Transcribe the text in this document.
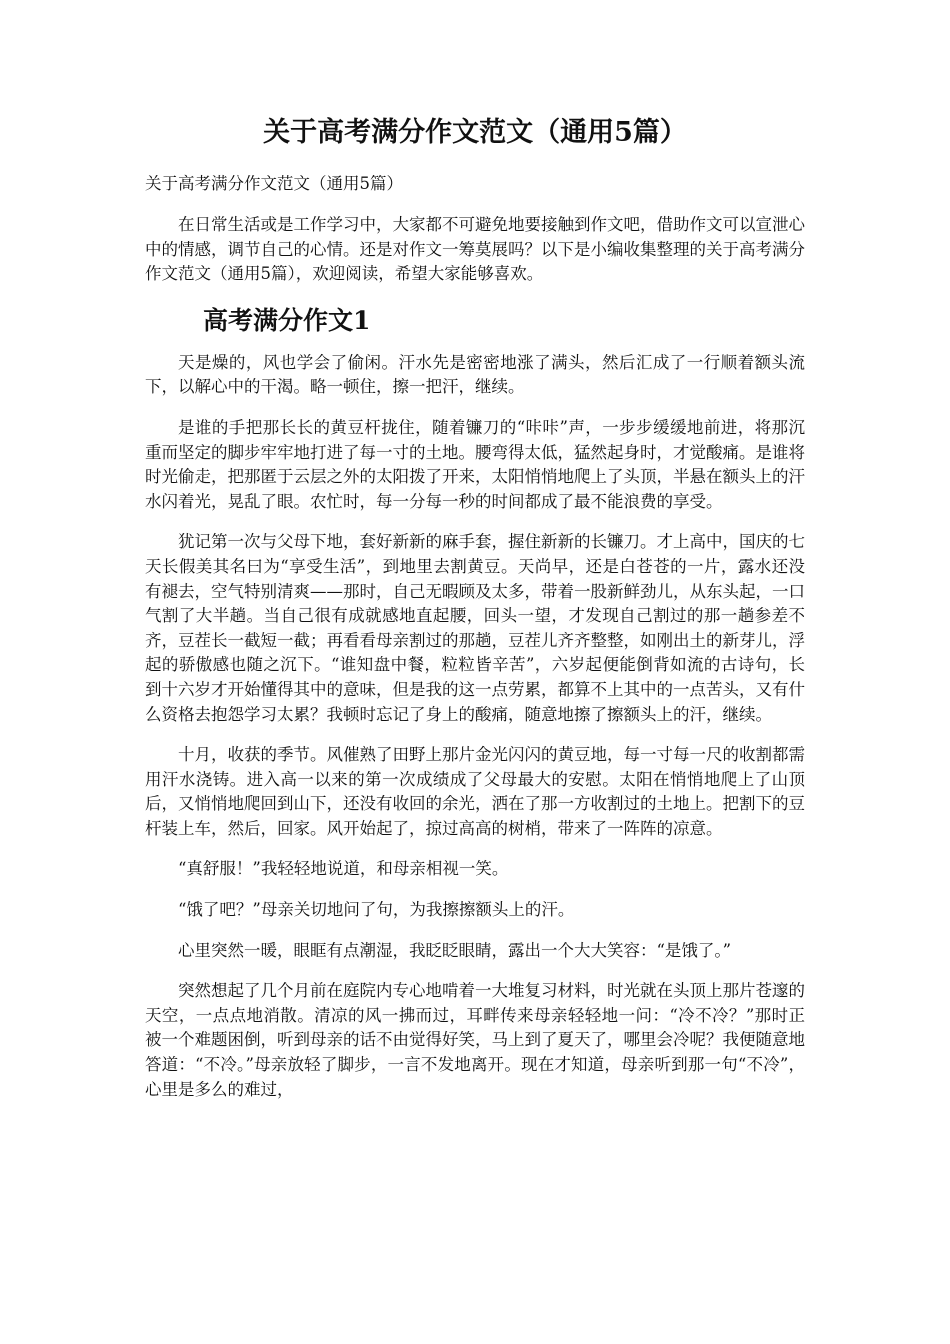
关于高考满分作文范文（通用5篇）

关于高考满分作文范文（通用5篇）

在日常生活或是工作学习中，大家都不可避免地要接触到作文吧，借助作文可以宣泄心中的情感，调节自己的心情。还是对作文一筹莫展吗？以下是小编收集整理的关于高考满分作文范文（通用5篇），欢迎阅读，希望大家能够喜欢。

高考满分作文1

天是燥的，风也学会了偷闲。汗水先是密密地涨了满头，然后汇成了一行顺着额头流下，以解心中的干渴。略一顿住，擦一把汗，继续。

是谁的手把那长长的黄豆杆拢住，随着镰刀的“咔咔”声，一步步缓缓地前进，将那沉重而坚定的脚步牢牢地打进了每一寸的土地。腰弯得太低，猛然起身时，才觉酸痛。是谁将时光偷走，把那匿于云层之外的太阳拨了开来，太阳悄悄地爬上了头顶，半悬在额头上的汗水闪着光，晃乱了眼。农忙时，每一分每一秒的时间都成了最不能浪费的享受。

犹记第一次与父母下地，套好新新的麻手套，握住新新的长镰刀。才上高中，国庆的七天长假美其名曰为“享受生活”，到地里去割黄豆。天尚早，还是白苍苍的一片，露水还没有褪去，空气特别清爽——那时，自己无暇顾及太多，带着一股新鲜劲儿，从东头起，一口气割了大半趟。当自己很有成就感地直起腰，回头一望，才发现自己割过的那一趟参差不齐，豆茬长一截短一截；再看看母亲割过的那趟，豆茬儿齐齐整整，如刚出土的新芽儿，浮起的骄傲感也随之沉下。“谁知盘中餐，粒粒皆辛苦”，六岁起便能倒背如流的古诗句，长到十六岁才开始懂得其中的意味，但是我的这一点劳累，都算不上其中的一点苦头，又有什么资格去抱怨学习太累？我顿时忘记了身上的酸痛，随意地擦了擦额头上的汗，继续。

十月，收获的季节。风催熟了田野上那片金光闪闪的黄豆地，每一寸每一尺的收割都需用汗水浇铸。进入高一以来的第一次成绩成了父母最大的安慰。太阳在悄悄地爬上了山顶后，又悄悄地爬回到山下，还没有收回的余光，洒在了那一方收割过的土地上。把割下的豆杆装上车，然后，回家。风开始起了，掠过高高的树梢，带来了一阵阵的凉意。

“真舒服！”我轻轻地说道，和母亲相视一笑。

“饿了吧？”母亲关切地问了句，为我擦擦额头上的汗。

心里突然一暖，眼眶有点潮湿，我眨眨眼睛，露出一个大大笑容：“是饿了。”

突然想起了几个月前在庭院内专心地啃着一大堆复习材料，时光就在头顶上那片苍邃的天空，一点点地消散。清凉的风一拂而过，耳畔传来母亲轻轻地一问：“冷不冷？”那时正被一个难题困倒，听到母亲的话不由觉得好笑，马上到了夏天了，哪里会冷呢？我便随意地答道：“不冷。”母亲放轻了脚步，一言不发地离开。现在才知道，母亲听到那一句“不冷”，心里是多么的难过，
